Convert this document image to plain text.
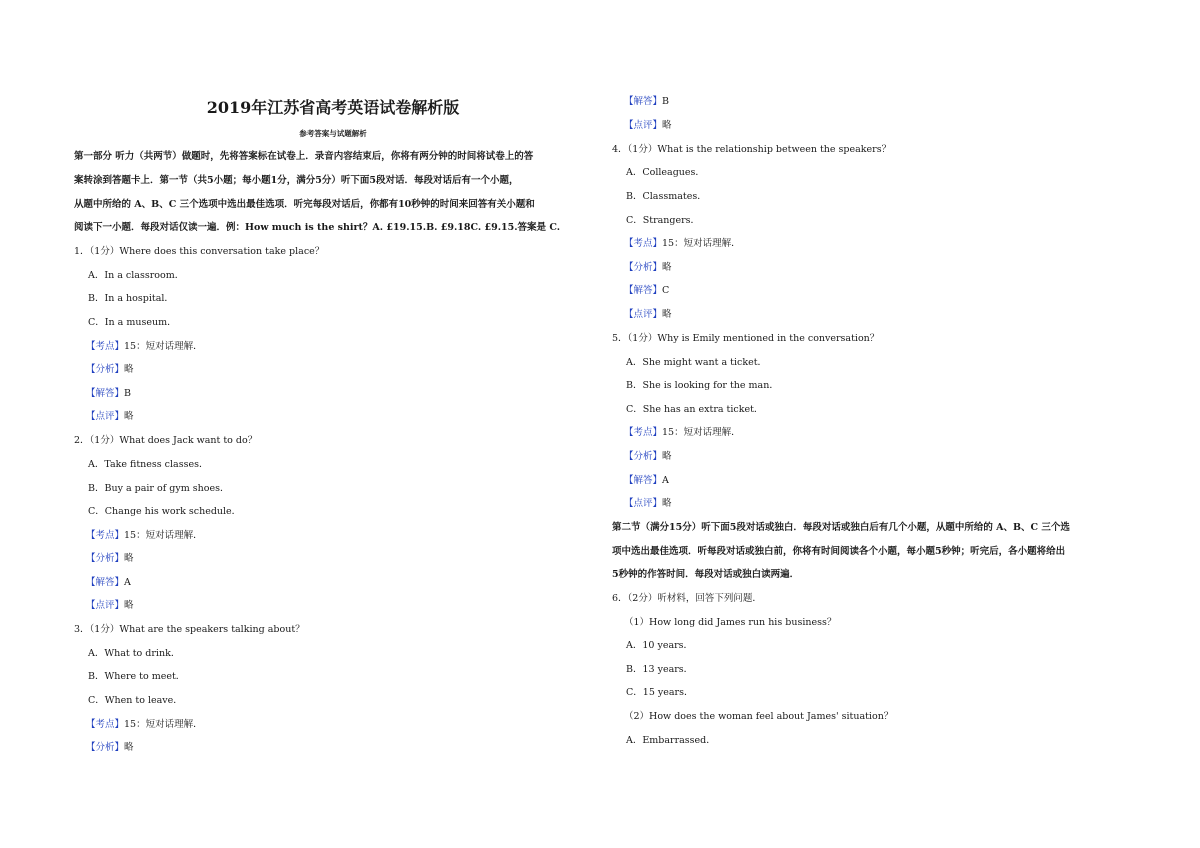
2019年江苏省高考英语试卷解析版
参考答案与试题解析
第一部分 听力（共两节）做题时，先将答案标在试卷上．录音内容结束后，你将有两分钟的时间将试卷上的答
案转涂到答题卡上．第一节（共5小题；每小题1分，满分5分）听下面5段对话．每段对话后有一个小题，
从题中所给的 A、B、C 三个选项中选出最佳选项．听完每段对话后，你都有10秒钟的时间来回答有关小题和
阅读下一小题．每段对话仅读一遍．例：How much is the shirt？A. £19.15.B. £9.18C. £9.15.答案是 C.
1．（1分）Where does this conversation take place？
A．In a classroom．
B．In a hospital．
C．In a museum．
【考点】15：短对话理解．
【分析】略
【解答】B
【点评】略
2．（1分）What does Jack want to do？
A．Take fitness classes．
B．Buy a pair of gym shoes．
C．Change his work schedule．
【考点】15：短对话理解．
【分析】略
【解答】A
【点评】略
3．（1分）What are the speakers talking about？
A．What to drink．
B．Where to meet．
C．When to leave．
【考点】15：短对话理解．
【分析】略
【解答】B
【点评】略
4．（1分）What is the relationship between the speakers？
A．Colleagues．
B．Classmates．
C．Strangers．
【考点】15：短对话理解．
【分析】略
【解答】C
【点评】略
5．（1分）Why is Emily mentioned in the conversation？
A．She might want a ticket．
B．She is looking for the man．
C．She has an extra ticket．
【考点】15：短对话理解．
【分析】略
【解答】A
【点评】略
第二节（满分15分）听下面5段对话或独白．每段对话或独白后有几个小题，从题中所给的 A、B、C 三个选
项中选出最佳选项．听每段对话或独白前，你将有时间阅读各个小题，每小题5秒钟；听完后，各小题将给出
5秒钟的作答时间．每段对话或独白读两遍．
6．（2分）听材料，回答下列问题．
（1）How long did James run his business？
A．10 years．
B．13 years．
C．15 years．
（2）How does the woman feel about James' situation？
A．Embarrassed．
